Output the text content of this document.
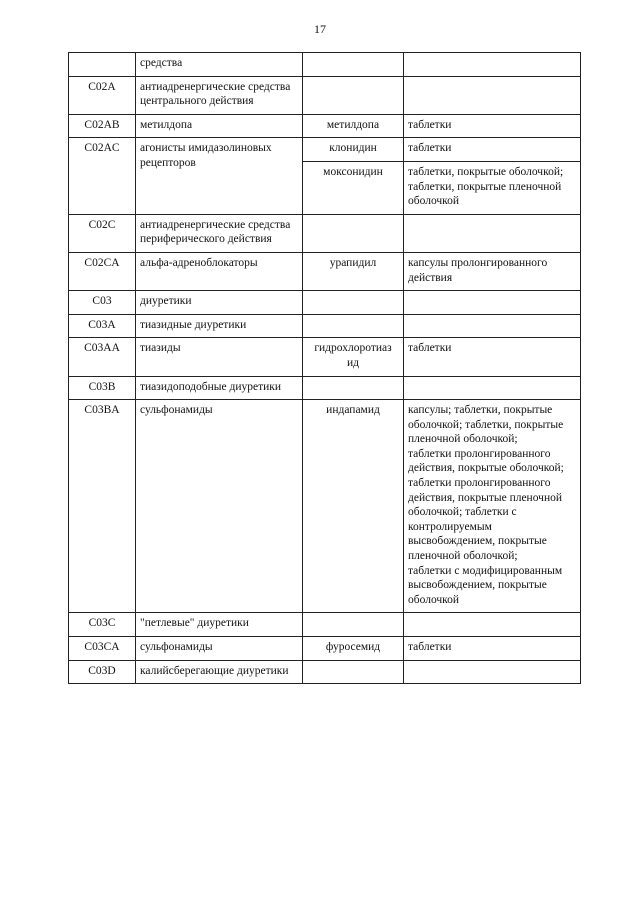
17
	средства		
C02A	антиадренергические средства центрального действия		
C02AB	метилдопа	метилдопа	таблетки
C02AC	агонисты имидазолиновых рецепторов	клонидин	таблетки
		моксонидин	таблетки, покрытые оболочкой;
таблетки, покрытые пленочной оболочкой
C02C	антиадренергические средства периферического действия		
C02CA	альфа-адреноблокаторы	урапидил	капсулы пролонгированного действия
C03	диуретики		
C03A	тиазидные диуретики		
C03AA	тиазиды	гидрохлоротиаз ид	таблетки
C03B	тиазидоподобные диуретики		
C03BA	сульфонамиды	индапамид	капсулы; таблетки, покрытые оболочкой; таблетки, покрытые пленочной оболочкой;
таблетки пролонгированного действия, покрытые оболочкой;
таблетки пролонгированного действия, покрытые пленочной оболочкой; таблетки с контролируемым высвобождением, покрытые пленочной оболочкой;
таблетки с модифицированным высвобождением, покрытые оболочкой
C03C	"петлевые" диуретики		
C03CA	сульфонамиды	фуросемид	таблетки
C03D	калийсберегающие диуретики		
